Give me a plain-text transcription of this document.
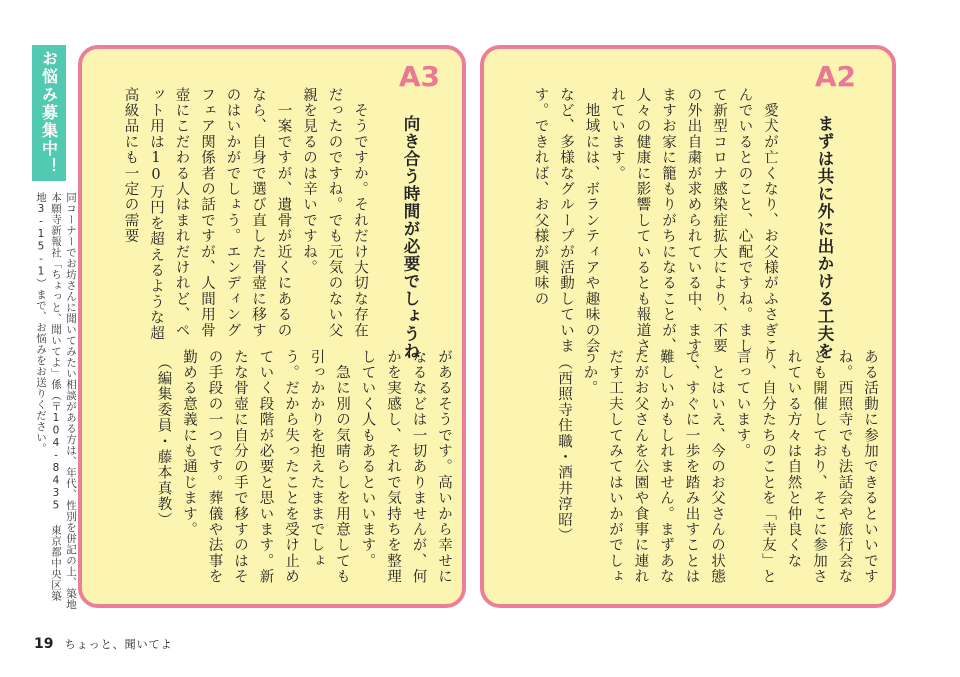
お悩み募集中！
同コーナーでお坊さんに聞いてみたい相談がある方は、年代、性別を併記の上、築地本願寺新報社「ちょっと、聞いてよ」係（〒104-8435 東京都中央区築地3-15-1）まで、お悩みをお送りください。
A3
向き合う時間が必要でしょうね

　そうですか。それだけ大切な存在だったのですね。でも元気のない父親を見るのは辛いですね。

　一案ですが、遺骨が近くにあるのなら、自身で選び直した骨壺に移すのはいかがでしょう。エンディングフェア関係者の話ですが、人間用骨壺にこだわる人はまれだけれど、ペット用は10万円を超えるような超高級品にも一定の需要

があるそうです。高いから幸せになるなどは一切ありませんが、何かを実感し、それで気持ちを整理していく人もあるといいます。

　急に別の気晴らしを用意しても引っかかりを抱えたままでしょう。だから失ったことを受け止めていく段階が必要と思います。新たな骨壺に自分の手で移すのはその手段の一つです。葬儀や法事を勤める意義にも通じます。

（編集委員・藤本真教）
A2
まずは共に外に出かける工夫を

　愛犬が亡くなり、お父様がふさぎこんでいるとのこと、心配ですね。まして新型コロナ感染症拡大により、不要の外出自粛が求められている中、ますますお家に籠もりがちになることが、人々の健康に影響しているとも報道されています。

　地域には、ボランティアや趣味の会など、多様なグループが活動しています。できれば、お父様が興味の

ある活動に参加できるといいですね。西照寺でも法話会や旅行会なども開催しており、そこに参加されている方々は自然と仲良くなり、自分たちのことを「寺友」と言っています。

　とはいえ、今のお父さんの状態で、すぐに一歩を踏み出すことは難しいかもしれません。まずあなたがお父さんを公園や食事に連れだす工夫してみてはいかがでしょうか。

（西照寺住職・酒井淳昭）
19 ちょっと、聞いてよ
